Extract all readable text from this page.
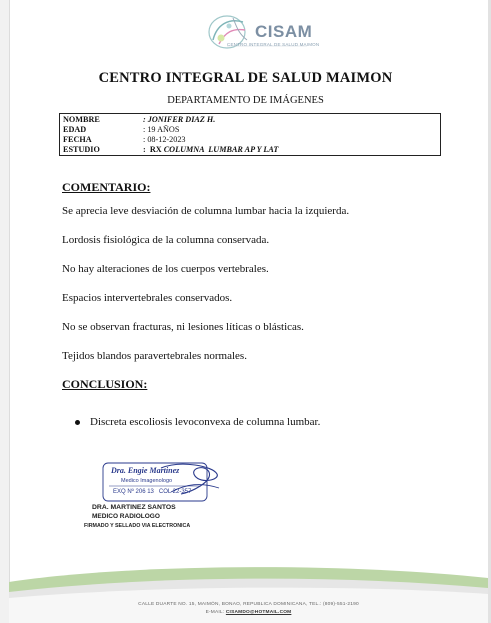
CISAM
CENTRO INTEGRAL DE SALUD MAIMON
CENTRO INTEGRAL DE SALUD MAIMON
DEPARTAMENTO DE IMÁGENES
NOMBRE	: JONIFER DIAZ H.
EDAD	: 19 AÑOS
FECHA	: 08-12-2023
ESTUDIO	:  RX COLUMNA  LUMBAR AP Y LAT
COMENTARIO:
Se aprecia leve desviación de columna lumbar hacia la izquierda.
Lordosis fisiológica de la columna conservada.
No hay alteraciones de los cuerpos vertebrales.
Espacios intervertebrales conservados.
No se observan fracturas, ni lesiones líticas o blásticas.
Tejidos blandos paravertebrales normales.
CONCLUSION:
Discreta escoliosis levoconvexa de columna lumbar.
Dra. Engie Martinez
Medico Imagenologo
EXQ Nº 206 13   COL 22-357
DRA. MARTINEZ SANTOS
MEDICO RADIOLOGO
FIRMADO Y SELLADO VIA ELECTRONICA
CALLE DUARTE NO. 15, MAIMÓN, BONAO, REPUBLICA DOMINICANA, TEL.: (809)-551-2190
E-MAIL: CISAMDO@HOTMAIL.COM
